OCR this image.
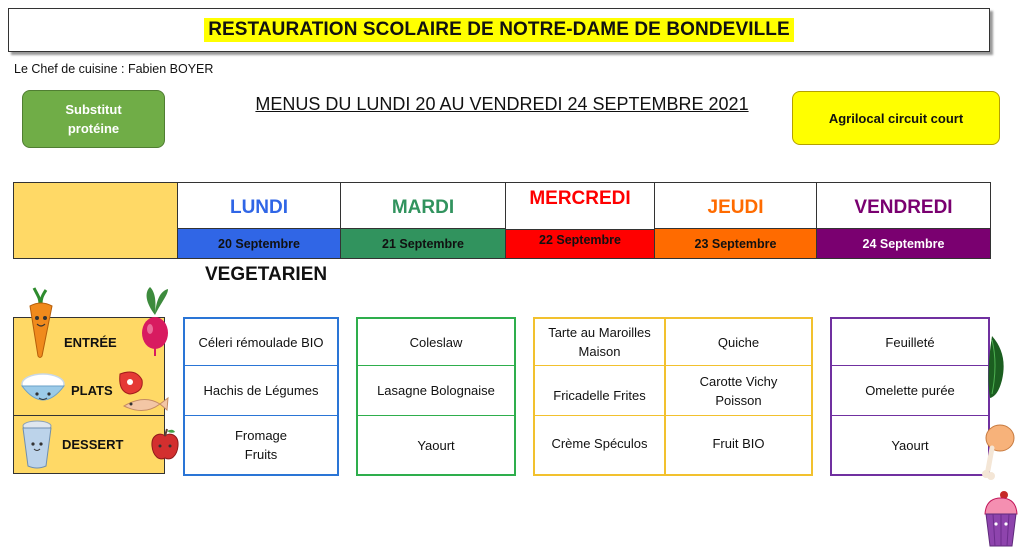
RESTAURATION SCOLAIRE DE NOTRE-DAME DE BONDEVILLE
Le Chef de cuisine : Fabien BOYER
Substitut protéine
MENUS DU LUNDI 20 AU VENDREDI 24 SEPTEMBRE 2021
Agrilocal circuit court
LUNDI
20 Septembre
MARDI
21 Septembre
MERCREDI
22 Septembre
JEUDI
23 Septembre
VENDREDI
24 Septembre
VEGETARIEN
ENTRÉE
PLATS
DESSERT
Céleri rémoulade BIO
Hachis de Légumes
Fromage
Fruits
Coleslaw
Lasagne Bolognaise
Yaourt
Tarte au Maroilles Maison
Fricadelle Frites
Crème Spéculos
Quiche
Carotte Vichy Poisson
Fruit BIO
Feuilleté
Omelette purée
Yaourt
